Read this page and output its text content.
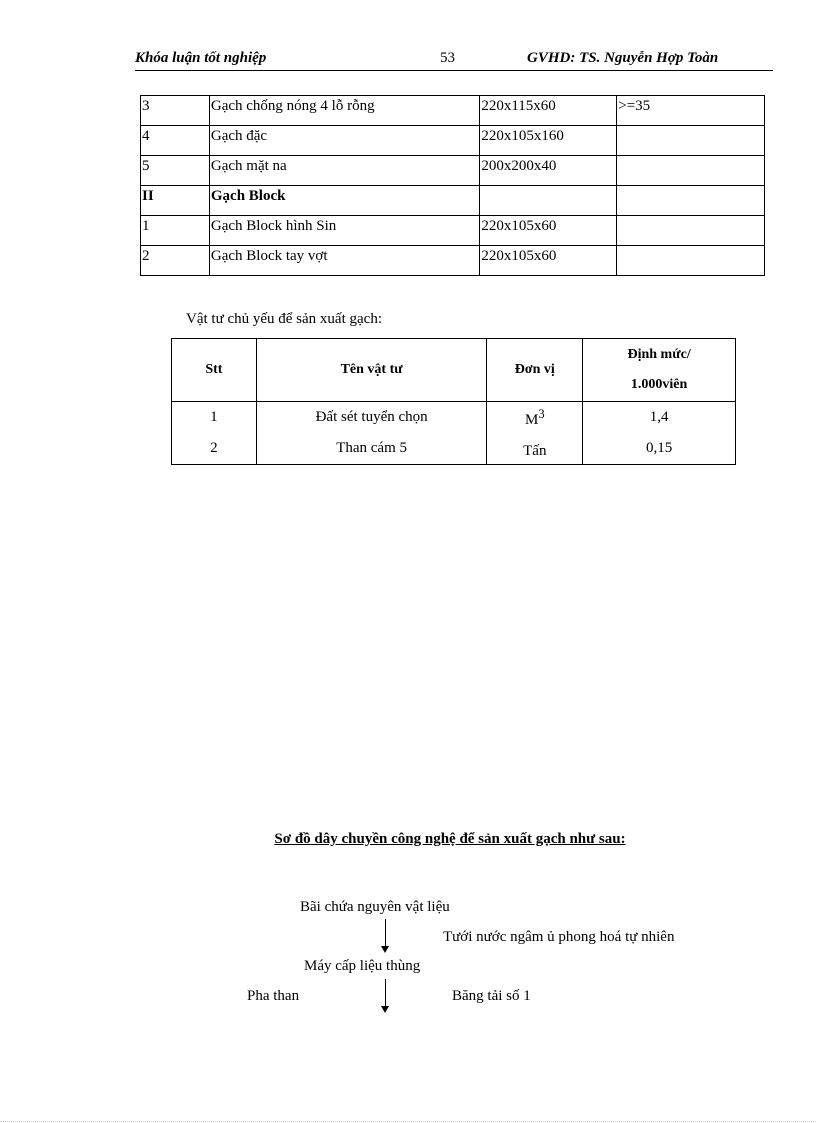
Khóa luận tốt nghiệp	53	GVHD: TS. Nguyễn Hợp Toàn
3	Gạch chống nóng 4 lỗ rỗng	220x115x60	>=35
4	Gạch đặc	220x105x160	
5	Gạch mặt na	200x200x40	
II	Gạch Block		
1	Gạch Block hình Sin	220x105x60	
2	Gạch Block tay vợt	220x105x60	
Vật tư chủ yếu để sản xuất gạch:
Stt	Tên vật tư	Đơn vị	Định mức/
1.000viên

1	Đất sét tuyển chọn	$M^3$	1,4
2	Than cám 5	Tấn	0,15
Sơ đồ dây chuyền công nghệ để sản xuất gạch như sau:
Bãi chứa nguyên vật liệu
Tưới nước ngâm ủ phong hoá tự nhiên
Máy cấp liệu thùng
Pha than	Băng tải số 1
